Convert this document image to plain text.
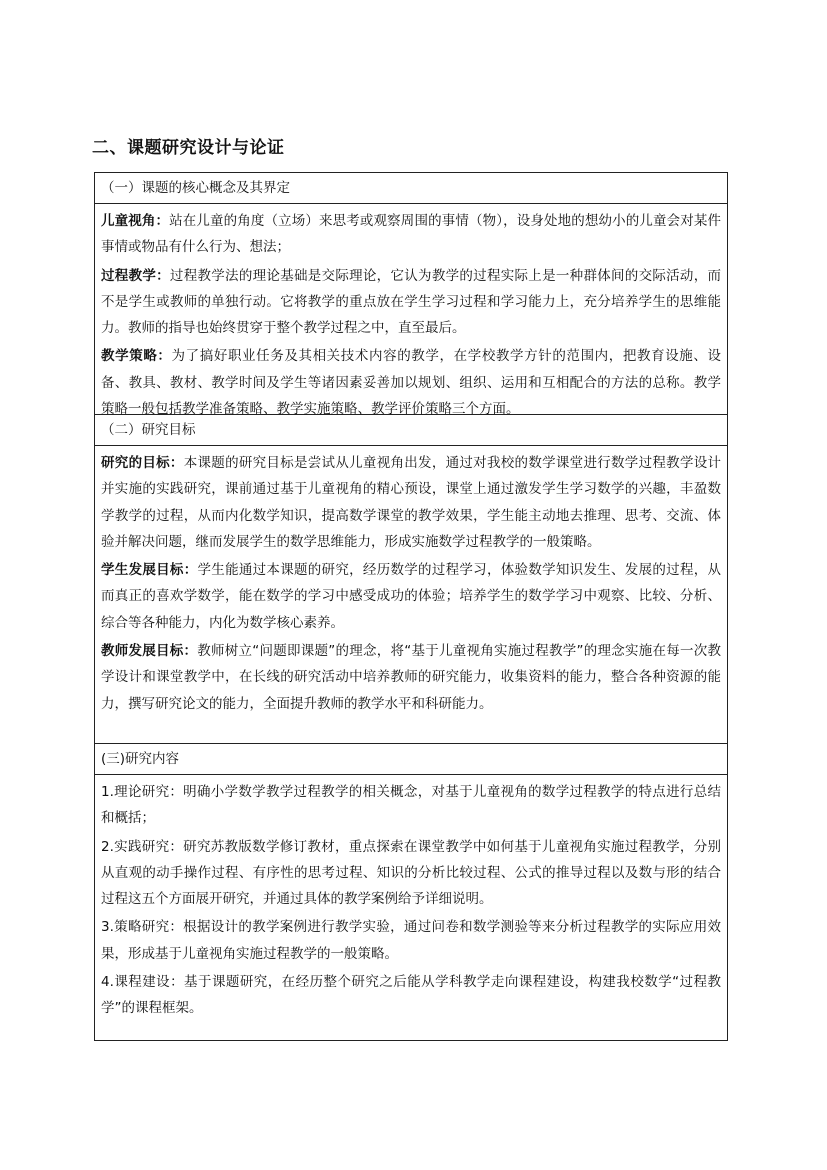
二、课题研究设计与论证
（一）课题的核心概念及其界定

儿童视角：站在儿童的角度（立场）来思考或观察周围的事情（物），设身处地的想幼小的儿童会对某件事情或物品有什么行为、想法；

过程教学：过程教学法的理论基础是交际理论，它认为教学的过程实际上是一种群体间的交际活动，而不是学生或教师的单独行动。它将教学的重点放在学生学习过程和学习能力上，充分培养学生的思维能力。教师的指导也始终贯穿于整个教学过程之中，直至最后。

教学策略：为了搞好职业任务及其相关技术内容的教学，在学校教学方针的范围内，把教育设施、设备、教具、教材、教学时间及学生等诸因素妥善加以规划、组织、运用和互相配合的方法的总称。教学策略一般包括教学准备策略、教学实施策略、教学评价策略三个方面。

（二）研究目标

研究的目标：本课题的研究目标是尝试从儿童视角出发，通过对我校的数学课堂进行数学过程教学设计并实施的实践研究，课前通过基于儿童视角的精心预设，课堂上通过激发学生学习数学的兴趣，丰盈数学教学的过程，从而内化数学知识，提高数学课堂的教学效果，学生能主动地去推理、思考、交流、体验并解决问题，继而发展学生的数学思维能力，形成实施数学过程教学的一般策略。

学生发展目标：学生能通过本课题的研究，经历数学的过程学习，体验数学知识发生、发展的过程，从而真正的喜欢学数学，能在数学的学习中感受成功的体验；培养学生的数学学习中观察、比较、分析、综合等各种能力，内化为数学核心素养。

教师发展目标：教师树立“问题即课题”的理念，将“基于儿童视角实施过程教学”的理念实施在每一次教学设计和课堂教学中，在长线的研究活动中培养教师的研究能力，收集资料的能力，整合各种资源的能力，撰写研究论文的能力，全面提升教师的教学水平和科研能力。

(三)研究内容

1.理论研究：明确小学数学教学过程教学的相关概念，对基于儿童视角的数学过程教学的特点进行总结和概括；

2.实践研究：研究苏教版数学修订教材，重点探索在课堂教学中如何基于儿童视角实施过程教学，分别从直观的动手操作过程、有序性的思考过程、知识的分析比较过程、公式的推导过程以及数与形的结合过程这五个方面展开研究，并通过具体的教学案例给予详细说明。

3.策略研究：根据设计的教学案例进行教学实验，通过问卷和数学测验等来分析过程教学的实际应用效果，形成基于儿童视角实施过程教学的一般策略。

4.课程建设：基于课题研究，在经历整个研究之后能从学科教学走向课程建设，构建我校数学“过程教学”的课程框架。
